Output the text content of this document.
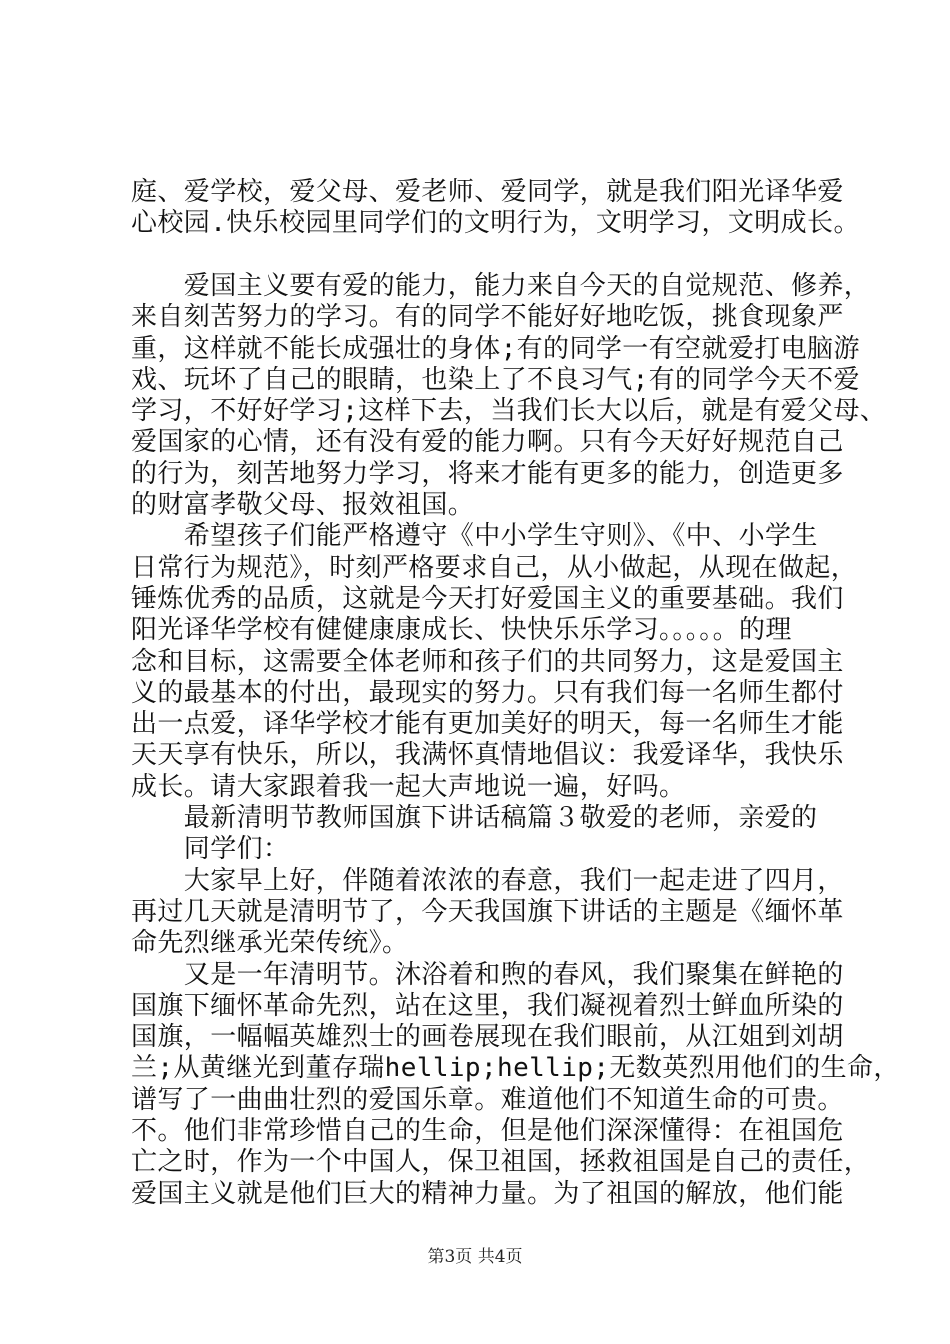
庭、爱学校，爱父母、爱老师、爱同学，就是我们阳光译华爱
心校园.快乐校园里同学们的文明行为，文明学习，文明成长。
　　爱国主义要有爱的能力，能力来自今天的自觉规范、修养，
来自刻苦努力的学习。有的同学不能好好地吃饭，挑食现象严
重，这样就不能长成强壮的身体;有的同学一有空就爱打电脑游
戏、玩坏了自己的眼睛，也染上了不良习气;有的同学今天不爱
学习，不好好学习;这样下去，当我们长大以后，就是有爱父母、
爱国家的心情，还有没有爱的能力啊。只有今天好好规范自己
的行为，刻苦地努力学习，将来才能有更多的能力，创造更多
的财富孝敬父母、报效祖国。
　　希望孩子们能严格遵守《中小学生守则》、《中、小学生
日常行为规范》，时刻严格要求自己，从小做起，从现在做起，
锤炼优秀的品质，这就是今天打好爱国主义的重要基础。我们
阳光译华学校有健健康康成长、快快乐乐学习。。。。。的理
念和目标，这需要全体老师和孩子们的共同努力，这是爱国主
义的最基本的付出，最现实的努力。只有我们每一名师生都付
出一点爱，译华学校才能有更加美好的明天，每一名师生才能
天天享有快乐，所以，我满怀真情地倡议：我爱译华，我快乐
成长。请大家跟着我一起大声地说一遍，好吗。
　　最新清明节教师国旗下讲话稿篇３敬爱的老师，亲爱的
　　同学们：
　　大家早上好，伴随着浓浓的春意，我们一起走进了四月，
再过几天就是清明节了，今天我国旗下讲话的主题是《缅怀革
命先烈继承光荣传统》。
　　又是一年清明节。沐浴着和煦的春风，我们聚集在鲜艳的
国旗下缅怀革命先烈，站在这里，我们凝视着烈士鲜血所染的
国旗，一幅幅英雄烈士的画卷展现在我们眼前，从江姐到刘胡
兰;从黄继光到董存瑞hellip;hellip;无数英烈用他们的生命，
谱写了一曲曲壮烈的爱国乐章。难道他们不知道生命的可贵。
不。他们非常珍惜自己的生命，但是他们深深懂得：在祖国危
亡之时，作为一个中国人，保卫祖国，拯救祖国是自己的责任，
爱国主义就是他们巨大的精神力量。为了祖国的解放，他们能
第3页 共4页
